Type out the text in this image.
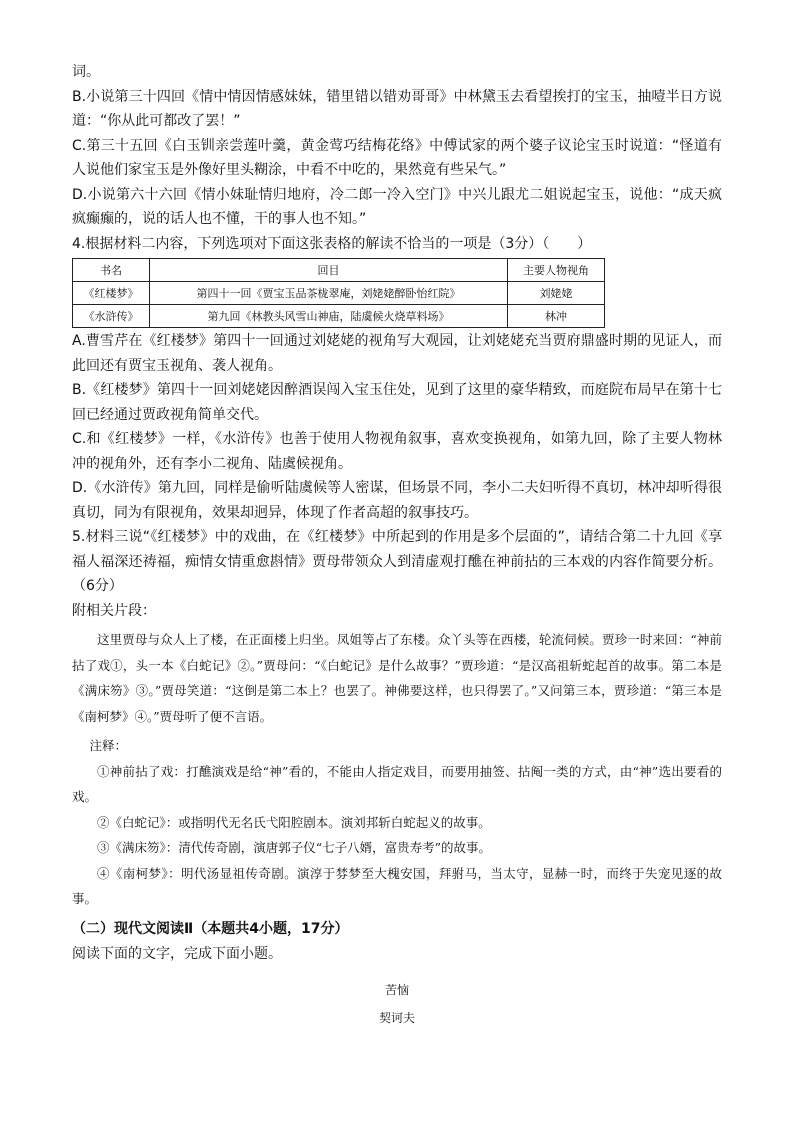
词。

B.小说第三十四回《情中情因情感妹妹，错里错以错劝哥哥》中林黛玉去看望挨打的宝玉，抽噎半日方说道：“你从此可都改了罢！”

C.第三十五回《白玉钏亲尝莲叶羹，黄金莺巧结梅花络》中傅试家的两个婆子议论宝玉时说道：“怪道有人说他们家宝玉是外像好里头糊涂，中看不中吃的，果然竟有些呆气。”

D.小说第六十六回《情小妹耻情归地府，冷二郎一冷入空门》中兴儿跟尤二姐说起宝玉，说他：“成天疯疯癫癫的，说的话人也不懂，干的事人也不知。”

4.根据材料二内容，下列选项对下面这张表格的解读不恰当的一项是（3分）（　　）

书名	回目	主要人物视角
《红楼梦》	第四十一回《贾宝玉品茶栊翠庵，刘姥姥醉卧怡红院》	刘姥姥
《水浒传》	第九回《林教头风雪山神庙，陆虞候火烧草料场》	林冲

A.曹雪芹在《红楼梦》第四十一回通过刘姥姥的视角写大观园，让刘姥姥充当贾府鼎盛时期的见证人，而此回还有贾宝玉视角、袭人视角。

B.《红楼梦》第四十一回刘姥姥因醉酒误闯入宝玉住处，见到了这里的豪华精致，而庭院布局早在第十七回已经通过贾政视角简单交代。

C.和《红楼梦》一样，《水浒传》也善于使用人物视角叙事，喜欢变换视角，如第九回，除了主要人物林冲的视角外，还有李小二视角、陆虞候视角。

D.《水浒传》第九回，同样是偷听陆虞候等人密谋，但场景不同，李小二夫妇听得不真切，林冲却听得很真切，同为有限视角，效果却迥异，体现了作者高超的叙事技巧。

5.材料三说“《红楼梦》中的戏曲，在《红楼梦》中所起到的作用是多个层面的”，请结合第二十九回《享福人福深还祷福，痴情女情重愈斟情》贾母带领众人到清虚观打醮在神前拈的三本戏的内容作简要分析。（6分）

附相关片段：

这里贾母与众人上了楼，在正面楼上归坐。凤姐等占了东楼。众丫头等在西楼，轮流伺候。贾珍一时来回：“神前拈了戏①，头一本《白蛇记》②。”贾母问：“《白蛇记》是什么故事？”贾珍道：“是汉高祖斩蛇起首的故事。第二本是《满床笏》③。”贾母笑道：“这倒是第二本上？也罢了。神佛要这样，也只得罢了。”又问第三本，贾珍道：“第三本是《南柯梦》④。”贾母听了便不言语。

注释：

①神前拈了戏：打醮演戏是给“神”看的，不能由人指定戏目，而要用抽签、拈阄一类的方式，由“神”选出要看的戏。

②《白蛇记》：或指明代无名氏弋阳腔剧本。演刘邦斩白蛇起义的故事。

③《满床笏》：清代传奇剧，演唐郭子仪“七子八婿，富贵寿考”的故事。

④《南柯梦》：明代汤显祖传奇剧。演淳于棼梦至大槐安国，拜驸马，当太守，显赫一时，而终于失宠见逐的故事。

（二）现代文阅读Ⅱ（本题共4小题，17分）

阅读下面的文字，完成下面小题。

苦恼

契诃夫
